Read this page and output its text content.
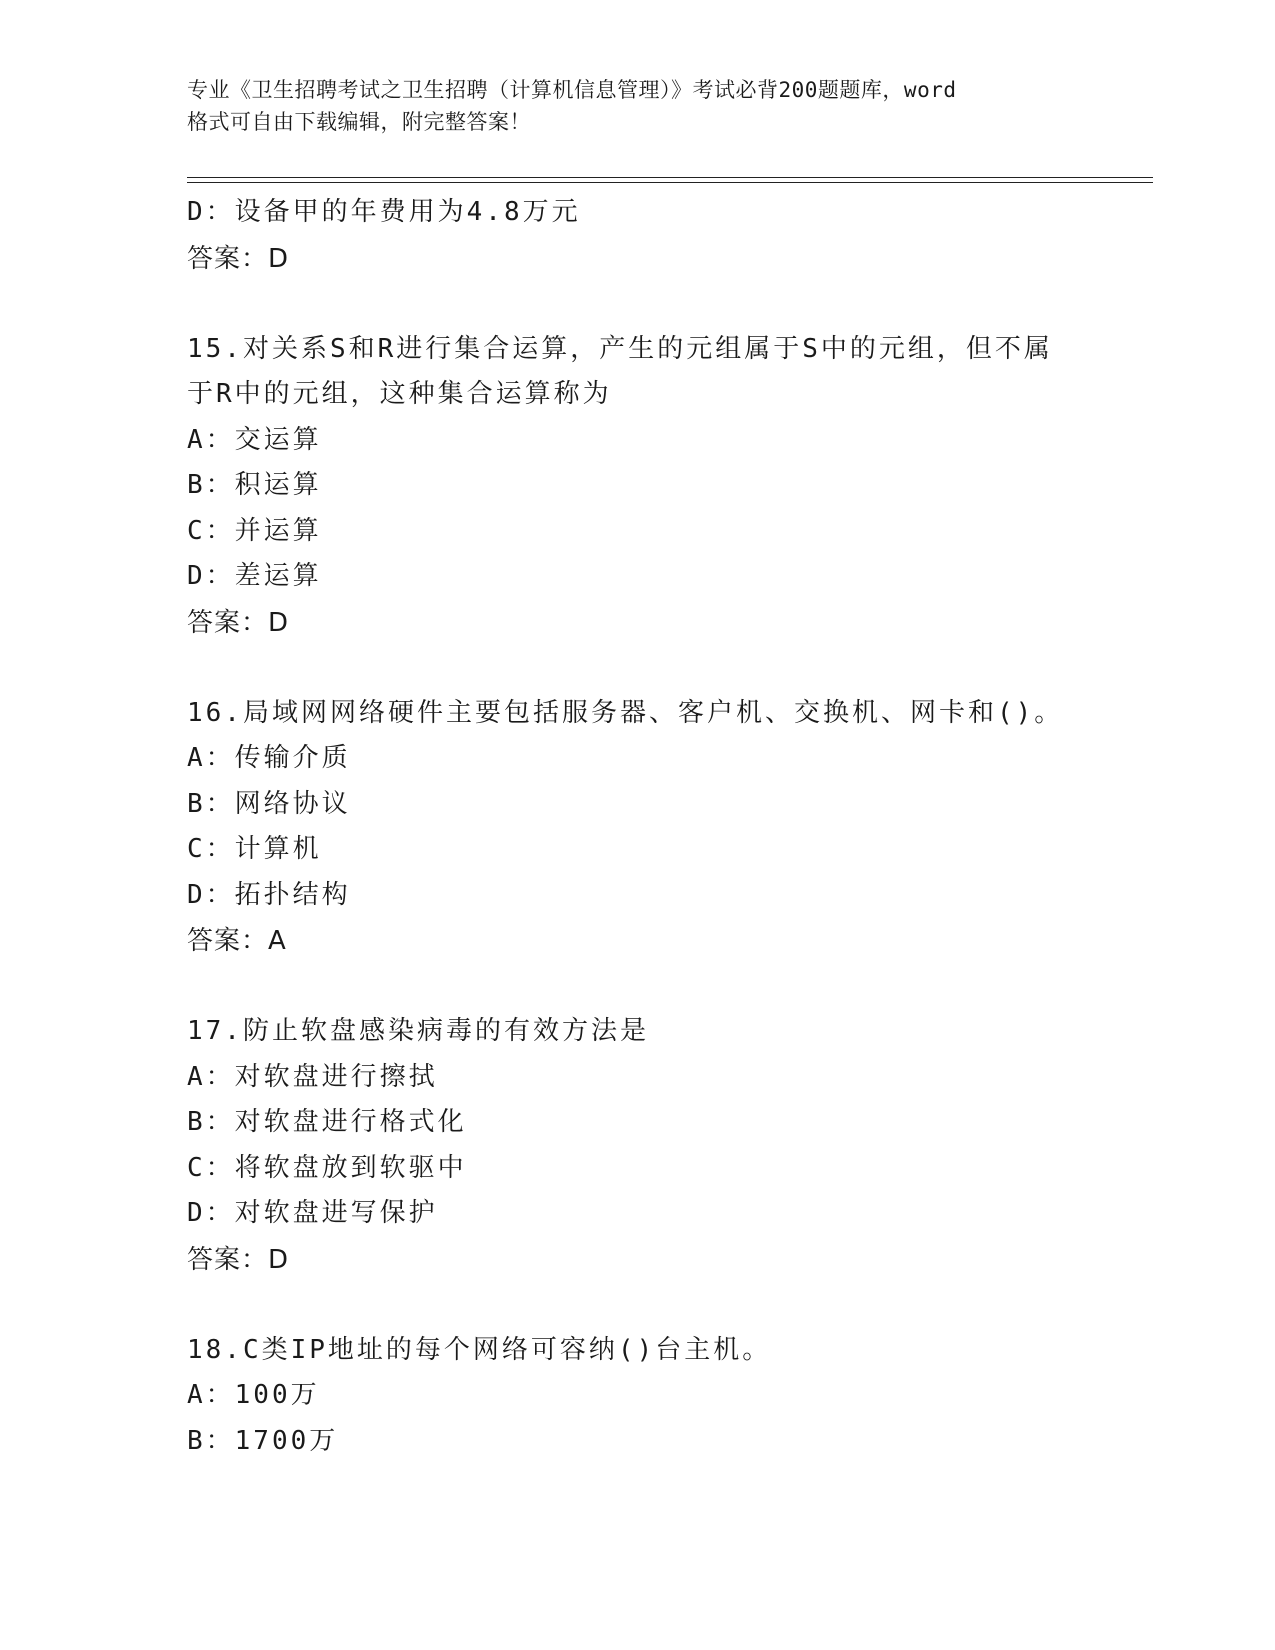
专业《卫生招聘考试之卫生招聘（计算机信息管理）》考试必背200题题库，word
格式可自由下载编辑，附完整答案！
D：设备甲的年费用为4.8万元
答案：D
15.对关系S和R进行集合运算，产生的元组属于S中的元组，但不属
于R中的元组，这种集合运算称为
A：交运算
B：积运算
C：并运算
D：差运算
答案：D
16.局域网网络硬件主要包括服务器、客户机、交换机、网卡和()。
A：传输介质
B：网络协议
C：计算机
D：拓扑结构
答案：A
17.防止软盘感染病毒的有效方法是
A：对软盘进行擦拭
B：对软盘进行格式化
C：将软盘放到软驱中
D：对软盘进写保护
答案：D
18.C类IP地址的每个网络可容纳()台主机。
A：100万
B：1700万
